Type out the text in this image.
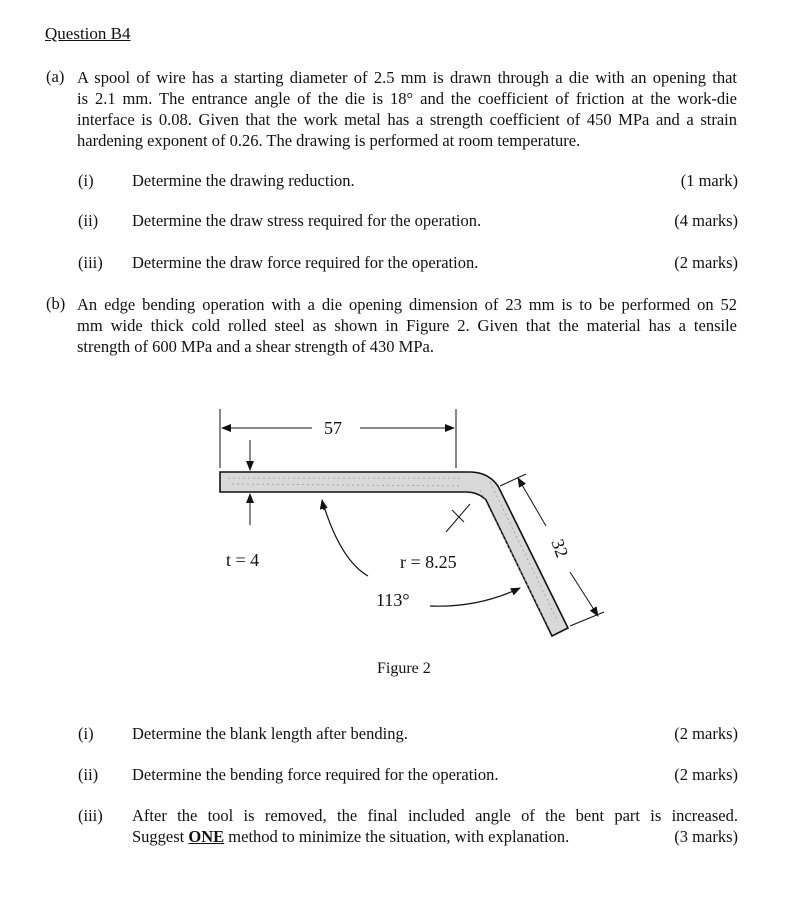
Question B4
(a) A spool of wire has a starting diameter of 2.5 mm is drawn through a die with an opening that
is 2.1 mm. The entrance angle of the die is 18° and the coefficient of friction at the work-die
interface is 0.08. Given that the work metal has a strength coefficient of 450 MPa and a strain
hardening exponent of 0.26. The drawing is performed at room temperature.
(i) Determine the drawing reduction.	(1 mark)
(ii) Determine the draw stress required for the operation.	(4 marks)
(iii) Determine the draw force required for the operation.	(2 marks)
(b) An edge bending operation with a die opening dimension of 23 mm is to be performed on 52
mm wide thick cold rolled steel as shown in Figure 2. Given that the material has a tensile
strength of 600 MPa and a shear strength of 430 MPa.
57
t = 4	r = 8.25
113°
32
Figure 2
(i) Determine the blank length after bending.	(2 marks)
(ii) Determine the bending force required for the operation.	(2 marks)
(iii) After the tool is removed, the final included angle of the bent part is increased.
Suggest ONE method to minimize the situation, with explanation.	(3 marks)
